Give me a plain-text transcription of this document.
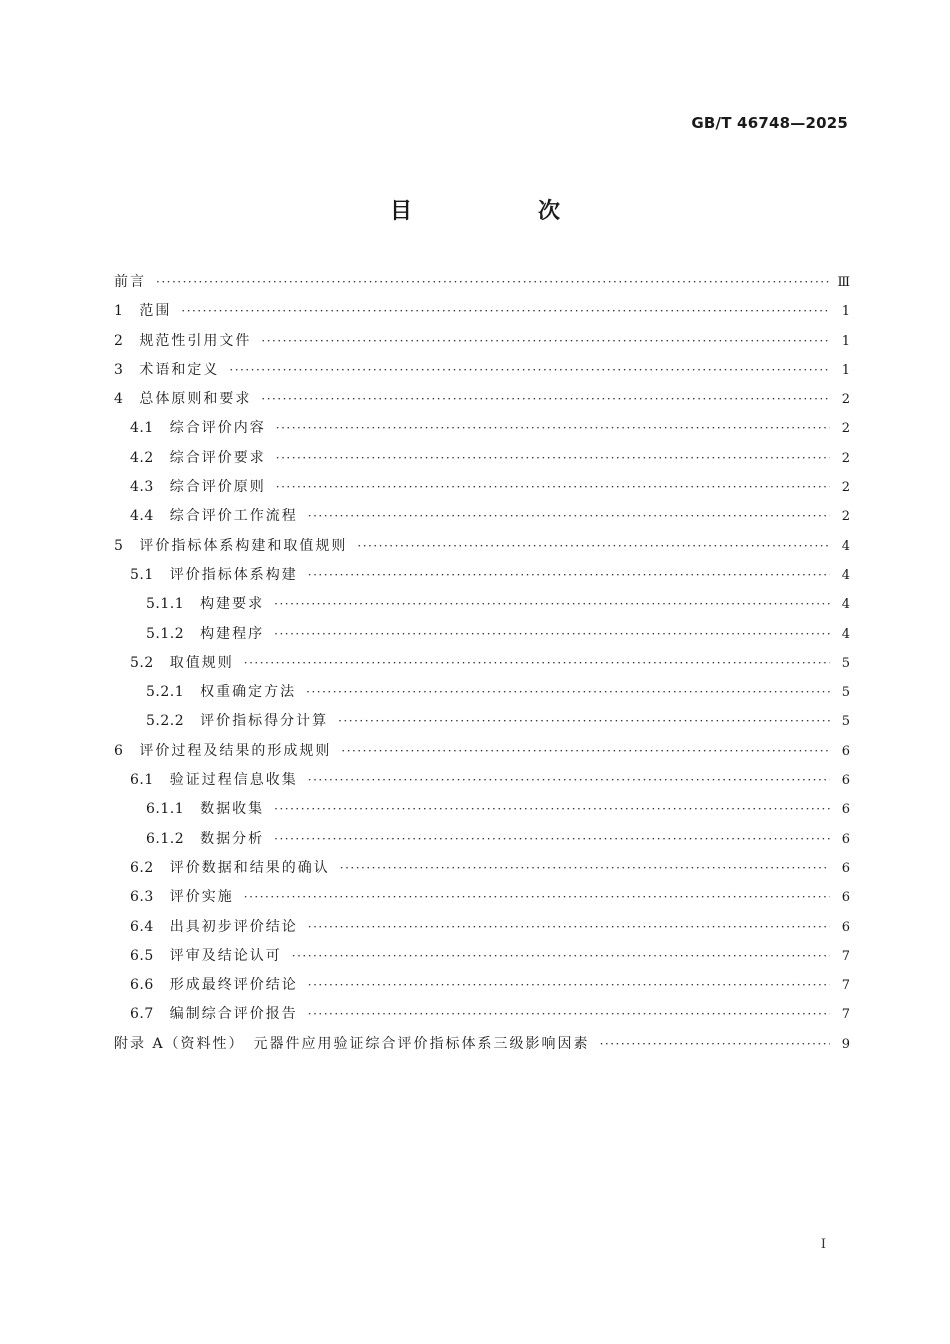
GB/T 46748—2025
目　次
前言 ·····	Ⅲ
1 范围 ·····	1
2 规范性引用文件 ·····	1
3 术语和定义 ·····	1
4 总体原则和要求 ·····	2
4.1 综合评价内容 ·····	2
4.2 综合评价要求 ·····	2
4.3 综合评价原则 ·····	2
4.4 综合评价工作流程 ·····	2
5 评价指标体系构建和取值规则 ·····	4
5.1 评价指标体系构建 ·····	4
5.1.1 构建要求 ·····	4
5.1.2 构建程序 ·····	4
5.2 取值规则 ·····	5
5.2.1 权重确定方法 ·····	5
5.2.2 评价指标得分计算 ·····	5
6 评价过程及结果的形成规则 ·····	6
6.1 验证过程信息收集 ·····	6
6.1.1 数据收集 ·····	6
6.1.2 数据分析 ·····	6
6.2 评价数据和结果的确认 ·····	6
6.3 评价实施 ·····	6
6.4 出具初步评价结论 ·····	6
6.5 评审及结论认可 ·····	7
6.6 形成最终评价结论 ·····	7
6.7 编制综合评价报告 ·····	7
附录 A（资料性）　元器件应用验证综合评价指标体系三级影响因素 ·····	9
I
